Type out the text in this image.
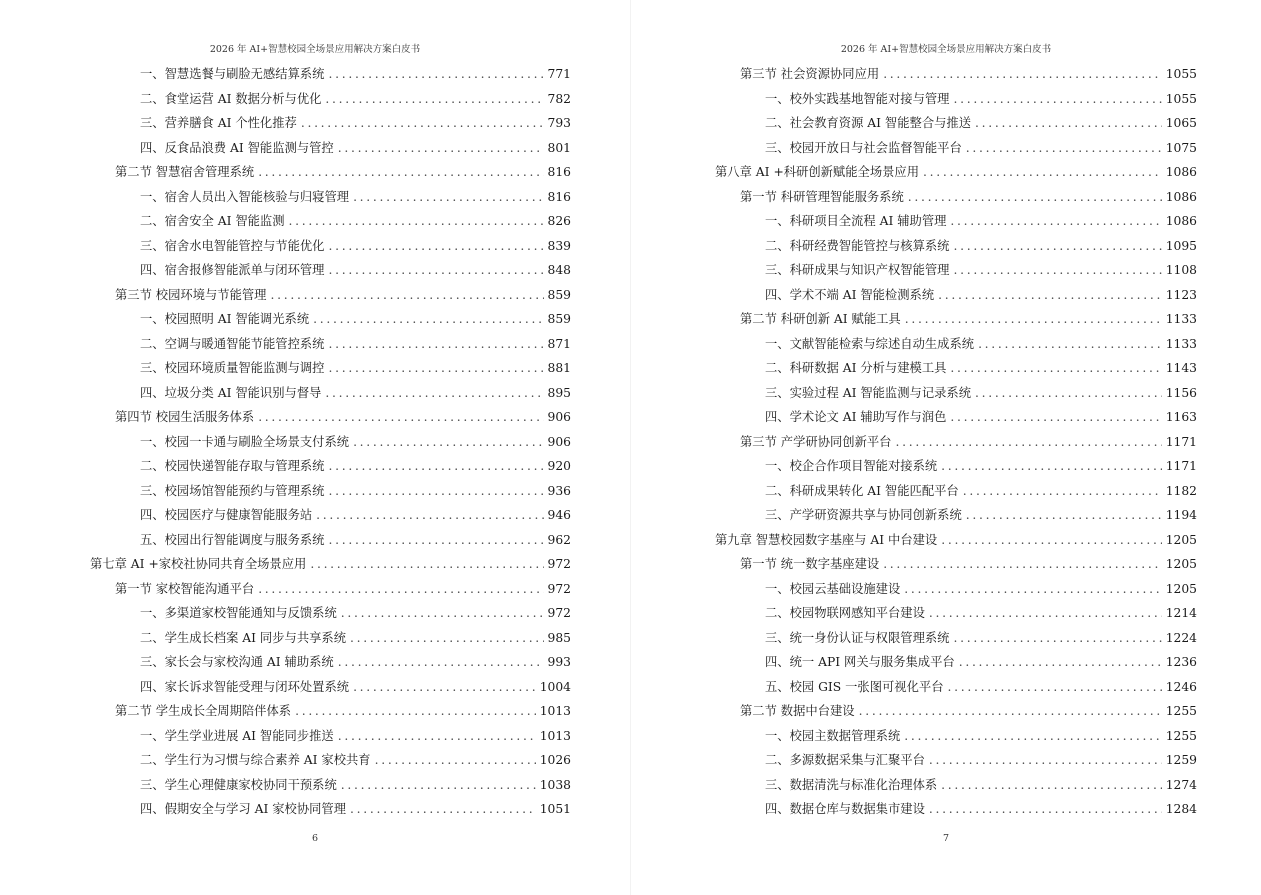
2026 年 AI+智慧校园全场景应用解决方案白皮书
一、智慧选餐与刷脸无感结算系统 . . .	771
二、食堂运营 AI 数据分析与优化 . . .	782
三、营养膳食 AI 个性化推荐 . . .	793
四、反食品浪费 AI 智能监测与管控 . . .	801
第二节 智慧宿舍管理系统 . . .	816
一、宿舍人员出入智能核验与归寝管理 . . .	816
二、宿舍安全 AI 智能监测 . . .	826
三、宿舍水电智能管控与节能优化 . . .	839
四、宿舍报修智能派单与闭环管理 . . .	848
第三节 校园环境与节能管理 . . .	859
一、校园照明 AI 智能调光系统 . . .	859
二、空调与暖通智能节能管控系统 . . .	871
三、校园环境质量智能监测与调控 . . .	881
四、垃圾分类 AI 智能识别与督导 . . .	895
第四节 校园生活服务体系 . . .	906
一、校园一卡通与刷脸全场景支付系统 . . .	906
二、校园快递智能存取与管理系统 . . .	920
三、校园场馆智能预约与管理系统 . . .	936
四、校园医疗与健康智能服务站 . . .	946
五、校园出行智能调度与服务系统 . . .	962
第七章 AI +家校社协同共育全场景应用 . . .	972
第一节 家校智能沟通平台 . . .	972
一、多渠道家校智能通知与反馈系统 . . .	972
二、学生成长档案 AI 同步与共享系统 . . .	985
三、家长会与家校沟通 AI 辅助系统 . . .	993
四、家长诉求智能受理与闭环处置系统 . . .	1004
第二节 学生成长全周期陪伴体系 . . .	1013
一、学生学业进展 AI 智能同步推送 . . .	1013
二、学生行为习惯与综合素养 AI 家校共育 . . .	1026
三、学生心理健康家校协同干预系统 . . .	1038
四、假期安全与学习 AI 家校协同管理 . . .	1051
6
2026 年 AI+智慧校园全场景应用解决方案白皮书
第三节 社会资源协同应用 . . .	1055
一、校外实践基地智能对接与管理 . . .	1055
二、社会教育资源 AI 智能整合与推送 . . .	1065
三、校园开放日与社会监督智能平台 . . .	1075
第八章 AI +科研创新赋能全场景应用 . . .	1086
第一节 科研管理智能服务系统 . . .	1086
一、科研项目全流程 AI 辅助管理 . . .	1086
二、科研经费智能管控与核算系统 . . .	1095
三、科研成果与知识产权智能管理 . . .	1108
四、学术不端 AI 智能检测系统 . . .	1123
第二节 科研创新 AI 赋能工具 . . .	1133
一、文献智能检索与综述自动生成系统 . . .	1133
二、科研数据 AI 分析与建模工具 . . .	1143
三、实验过程 AI 智能监测与记录系统 . . .	1156
四、学术论文 AI 辅助写作与润色 . . .	1163
第三节 产学研协同创新平台 . . .	1171
一、校企合作项目智能对接系统 . . .	1171
二、科研成果转化 AI 智能匹配平台 . . .	1182
三、产学研资源共享与协同创新系统 . . .	1194
第九章 智慧校园数字基座与 AI 中台建设 . . .	1205
第一节 统一数字基座建设 . . .	1205
一、校园云基础设施建设 . . .	1205
二、校园物联网感知平台建设 . . .	1214
三、统一身份认证与权限管理系统 . . .	1224
四、统一 API 网关与服务集成平台 . . .	1236
五、校园 GIS 一张图可视化平台 . . .	1246
第二节 数据中台建设 . . .	1255
一、校园主数据管理系统 . . .	1255
二、多源数据采集与汇聚平台 . . .	1259
三、数据清洗与标准化治理体系 . . .	1274
四、数据仓库与数据集市建设 . . .	1284
7
